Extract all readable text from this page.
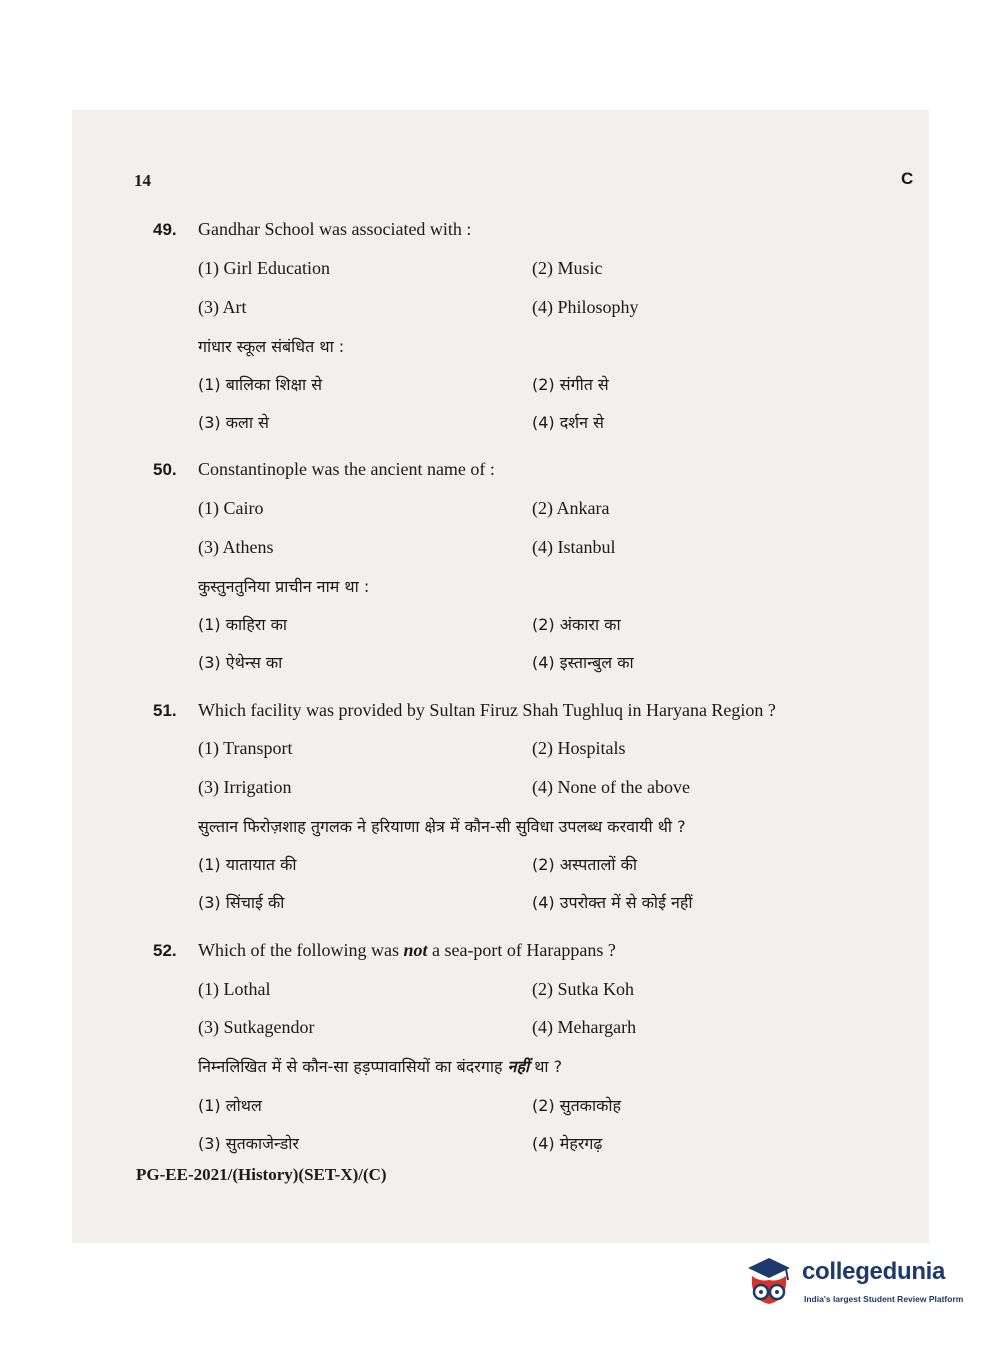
14	C
49. Gandhar School was associated with :
(1) Girl Education	(2) Music
(3) Art	(4) Philosophy
गांधार स्कूल संबंधित था :
(1) बालिका शिक्षा से	(2) संगीत से
(3) कला से	(4) दर्शन से
50. Constantinople was the ancient name of :
(1) Cairo	(2) Ankara
(3) Athens	(4) Istanbul
कुस्तुनतुनिया प्राचीन नाम था :
(1) काहिरा का	(2) अंकारा का
(3) ऐथेन्स का	(4) इस्तान्बुल का
51. Which facility was provided by Sultan Firuz Shah Tughluq in Haryana Region ?
(1) Transport	(2) Hospitals
(3) Irrigation	(4) None of the above
सुल्तान फिरोज़शाह तुगलक ने हरियाणा क्षेत्र में कौन-सी सुविधा उपलब्ध करवायी थी ?
(1) यातायात की	(2) अस्पतालों की
(3) सिंचाई की	(4) उपरोक्त में से कोई नहीं
52. Which of the following was not a sea-port of Harappans ?
(1) Lothal	(2) Sutka Koh
(3) Sutkagendor	(4) Mehargarh
निम्नलिखित में से कौन-सा हड़प्पावासियों का बंदरगाह नहीं था ?
(1) लोथल	(2) सुतकाकोह
(3) सुतकाजेन्डोर	(4) मेहरगढ़
PG-EE-2021/(History)(SET-X)/(C)
collegedunia
India's largest Student Review Platform
